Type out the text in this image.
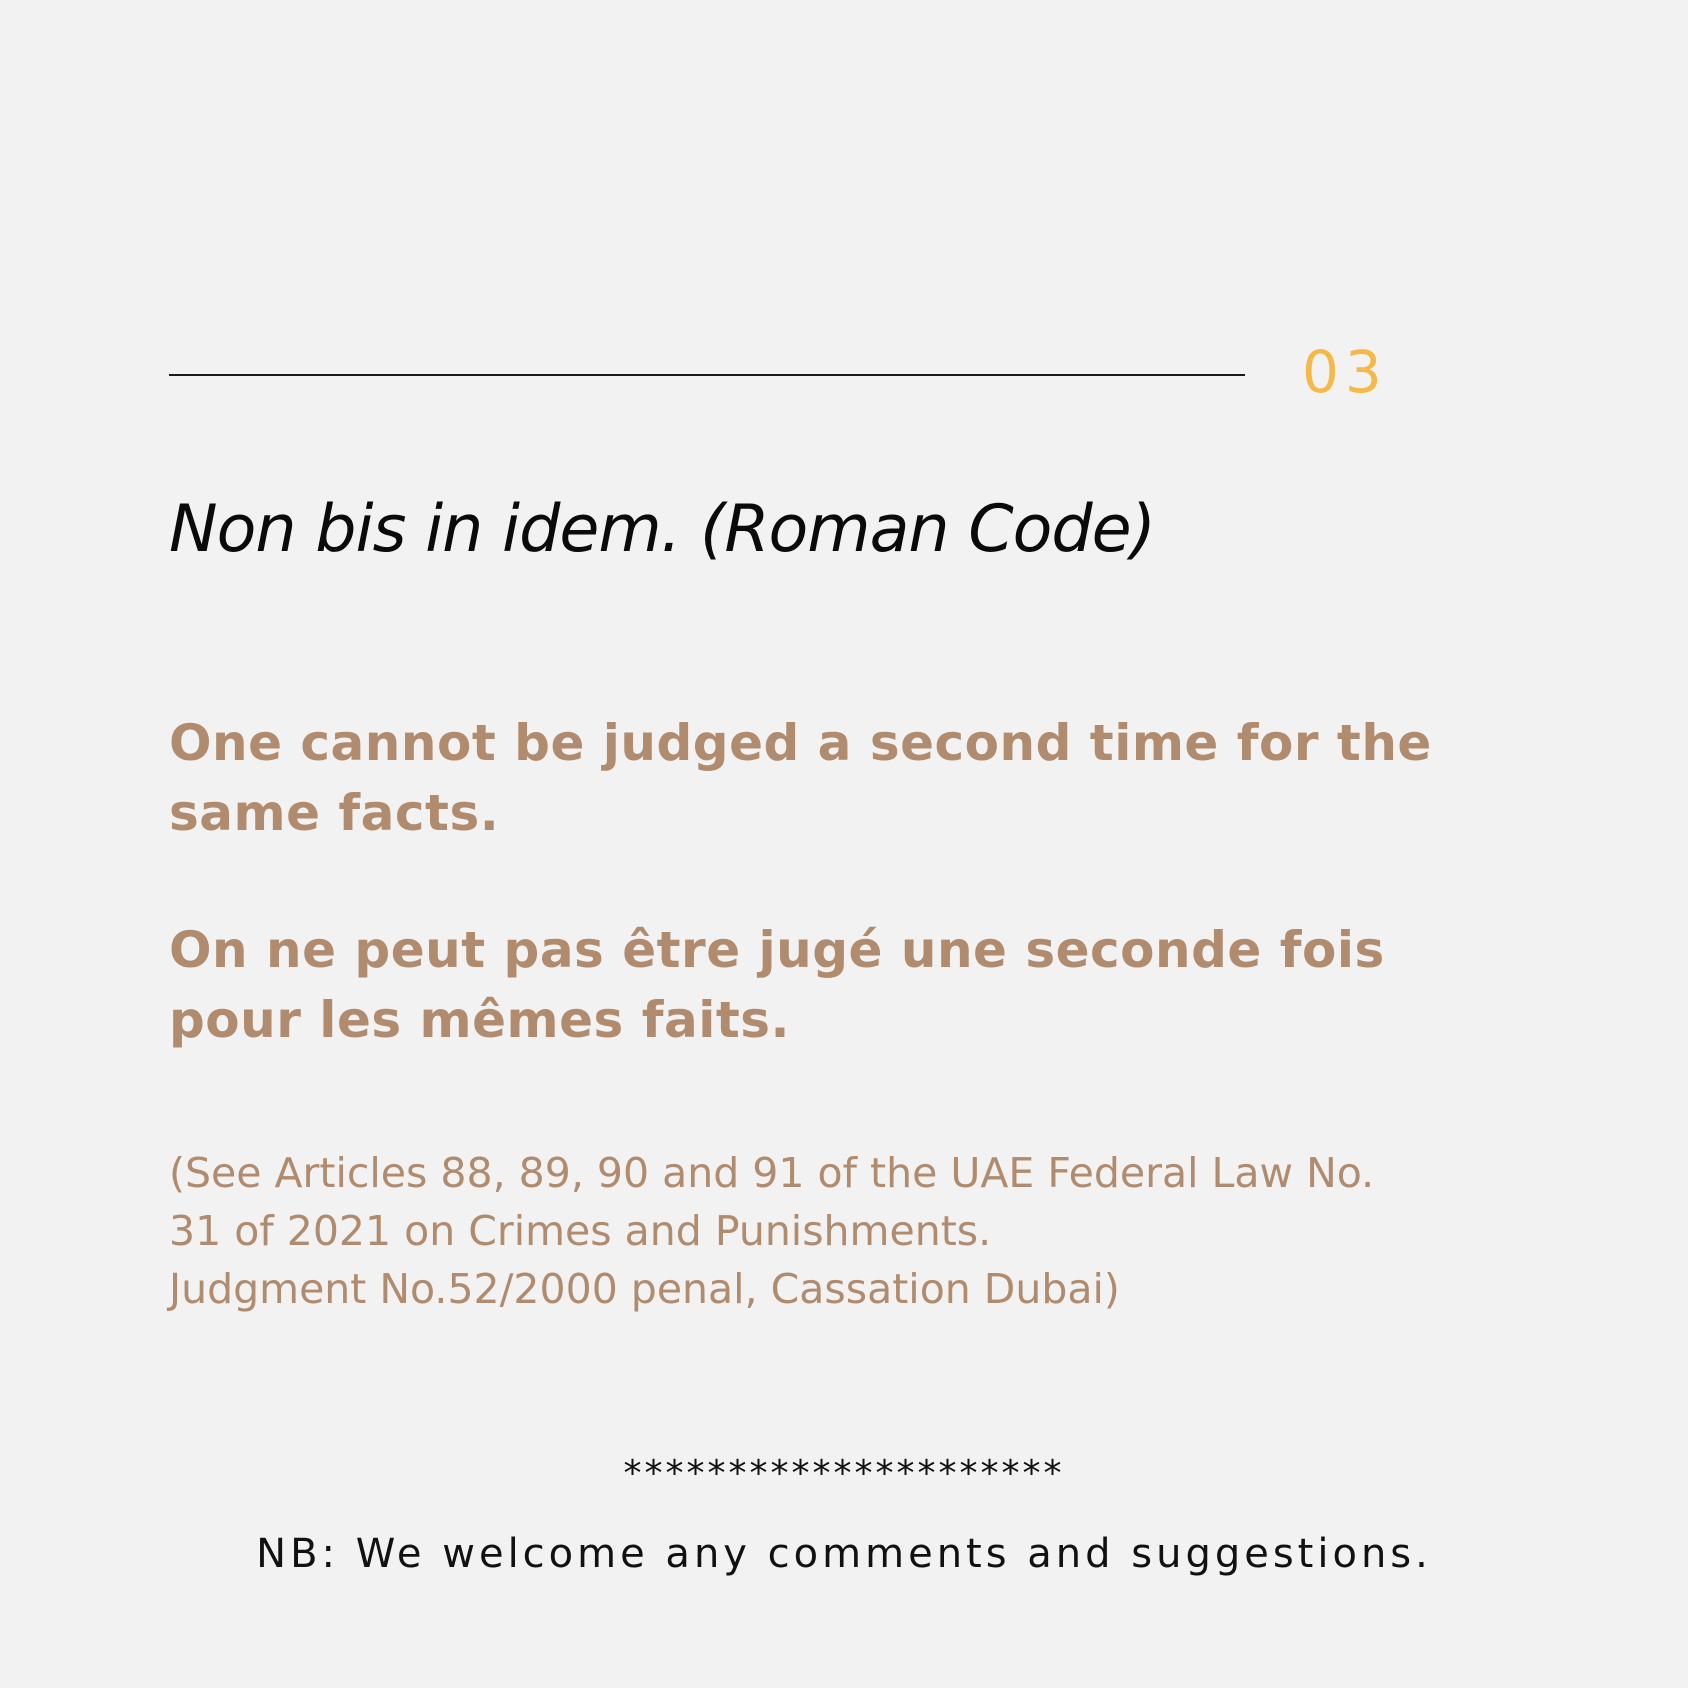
03
Non bis in idem. (Roman Code)
One cannot be judged a second time for the same facts.
On ne peut pas être jugé une seconde fois pour les mêmes faits.
(See Articles 88, 89, 90 and 91 of the UAE Federal Law No.
31 of 2021 on Crimes and Punishments.
Judgment No.52/2000 penal, Cassation Dubai)
*********************
NB: We welcome any comments and suggestions.
